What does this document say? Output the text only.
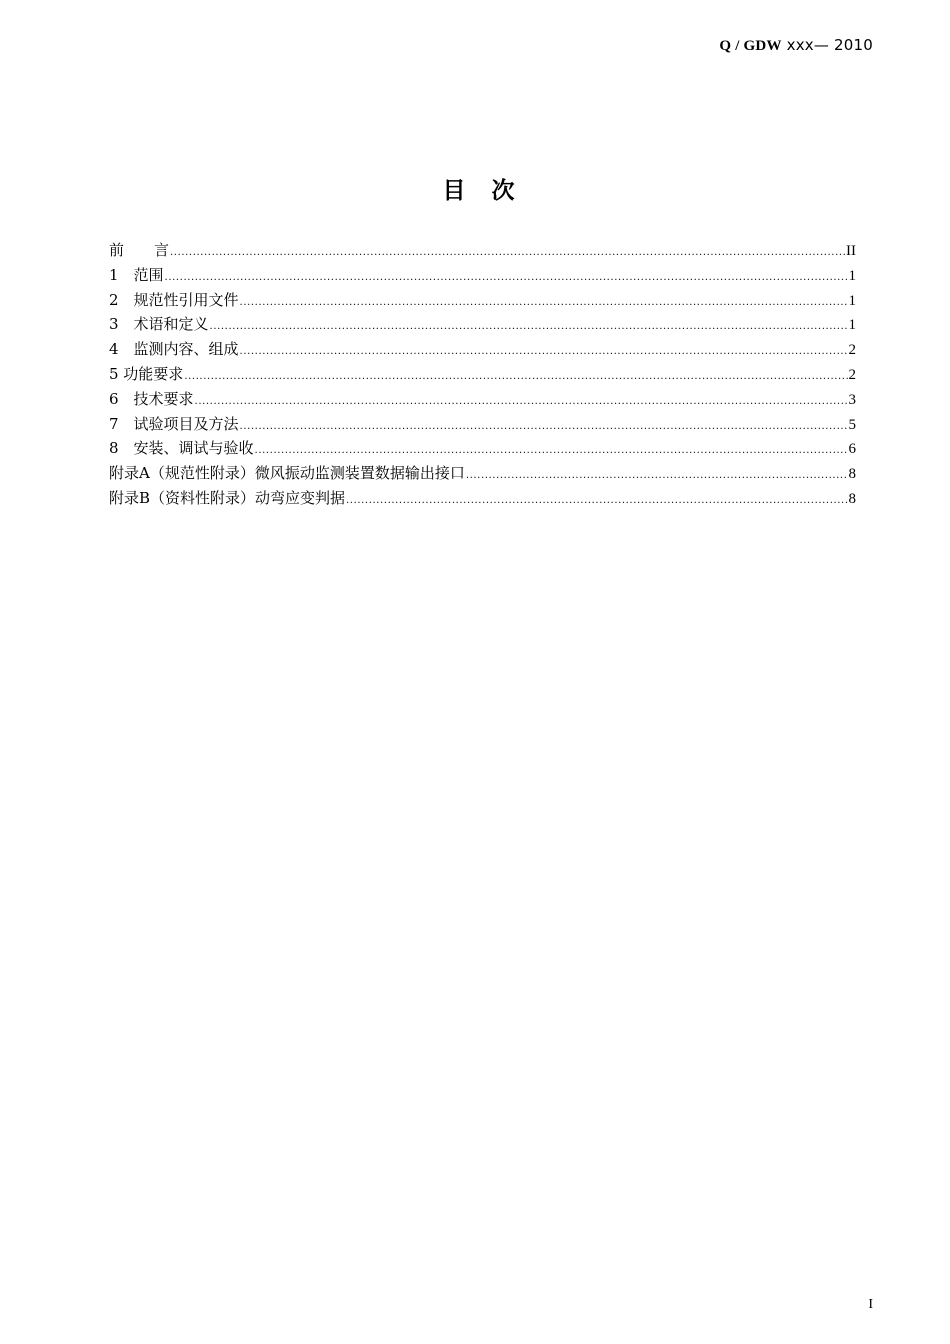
Q / GDW xxx— 2010
目次
前　　言 .....	II
1　范围 .....	1
2　规范性引用文件 .....	1
3　术语和定义 .....	1
4　监测内容、组成 .....	2
5 功能要求 .....	2
6　技术要求 .....	3
7　试验项目及方法 .....	5
8　安装、调试与验收 .....	6
附录A（规范性附录）微风振动监测装置数据输出接口 .....	8
附录B（资料性附录）动弯应变判据 .....	8
I
